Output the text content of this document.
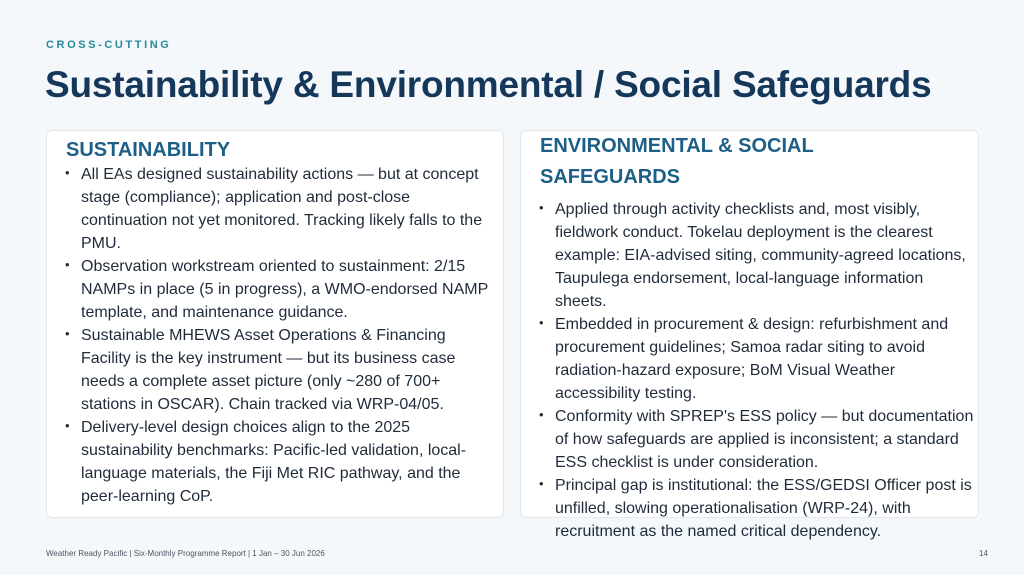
CROSS-CUTTING
Sustainability & Environmental / Social Safeguards
SUSTAINABILITY
• All EAs designed sustainability actions — but at concept stage (compliance); application and post-close continuation not yet monitored. Tracking likely falls to the PMU.
• Observation workstream oriented to sustainment: 2/15 NAMPs in place (5 in progress), a WMO-endorsed NAMP template, and maintenance guidance.
• Sustainable MHEWS Asset Operations & Financing Facility is the key instrument — but its business case needs a complete asset picture (only ~280 of 700+ stations in OSCAR). Chain tracked via WRP-04/05.
• Delivery-level design choices align to the 2025 sustainability benchmarks: Pacific-led validation, local-language materials, the Fiji Met RIC pathway, and the peer-learning CoP.
ENVIRONMENTAL & SOCIAL SAFEGUARDS
• Applied through activity checklists and, most visibly, fieldwork conduct. Tokelau deployment is the clearest example: EIA-advised siting, community-agreed locations, Taupulega endorsement, local-language information sheets.
• Embedded in procurement & design: refurbishment and procurement guidelines; Samoa radar siting to avoid radiation-hazard exposure; BoM Visual Weather accessibility testing.
• Conformity with SPREP's ESS policy — but documentation of how safeguards are applied is inconsistent; a standard ESS checklist is under consideration.
• Principal gap is institutional: the ESS/GEDSI Officer post is unfilled, slowing operationalisation (WRP-24), with recruitment as the named critical dependency.
Weather Ready Pacific | Six-Monthly Programme Report | 1 Jan – 30 Jun 2026	14
